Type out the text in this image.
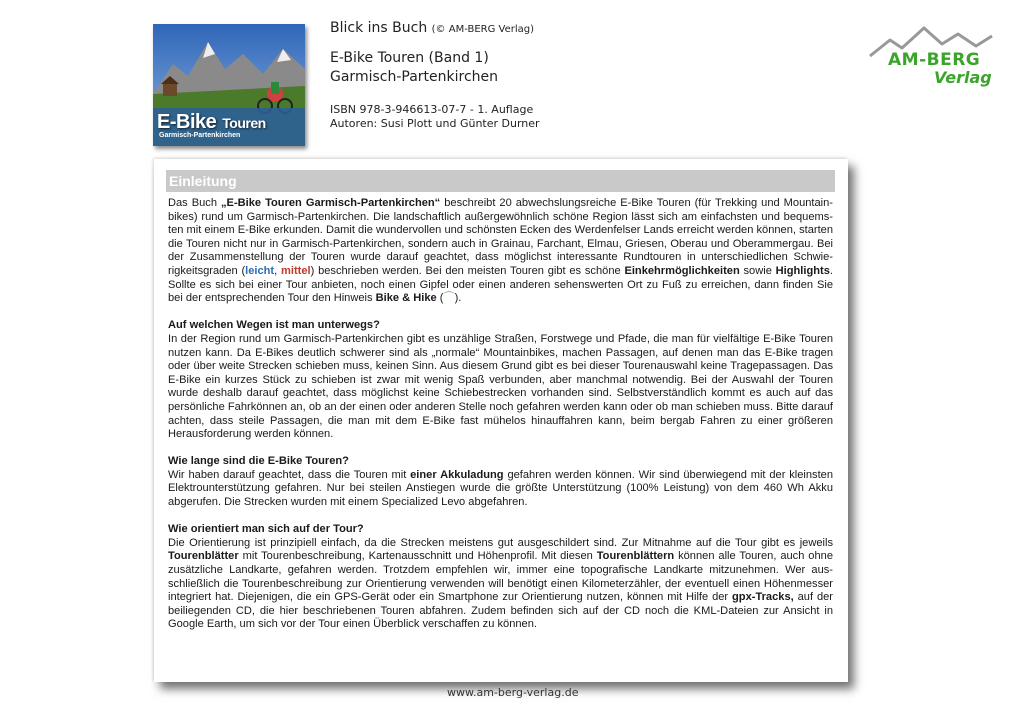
E-Bike Touren
Garmisch-Partenkirchen
Blick ins Buch (© AM-BERG Verlag)
E-Bike Touren (Band 1)
Garmisch-Partenkirchen
ISBN 978-3-946613-07-7 - 1. Auflage
Autoren: Susi Plott und Günter Durner
AM-BERG
Verlag
Einleitung

Das Buch „E-Bike Touren Garmisch-Partenkirchen“ beschreibt 20 abwechslungsreiche E-Bike Touren (für Trekking und Mountain-bikes) rund um Garmisch-Partenkirchen. Die landschaftlich außergewöhnlich schöne Region lässt sich am einfachsten und bequems-ten mit einem E-Bike erkunden. Damit die wundervollen und schönsten Ecken des Werdenfelser Lands erreicht werden können, starten die Touren nicht nur in Garmisch-Partenkirchen, sondern auch in Grainau, Farchant, Elmau, Griesen, Oberau und Oberammergau. Bei der Zusammenstellung der Touren wurde darauf geachtet, dass möglichst interessante Rundtouren in unterschiedlichen Schwie-rigkeitsgraden (leicht, mittel) beschrieben werden. Bei den meisten Touren gibt es schöne Einkehrmöglichkeiten sowie Highlights. Sollte es sich bei einer Tour anbieten, noch einen Gipfel oder einen anderen sehenswerten Ort zu Fuß zu erreichen, dann finden Sie bei der entsprechenden Tour den Hinweis Bike & Hike (⌒).

Auf welchen Wegen ist man unterwegs?

In der Region rund um Garmisch-Partenkirchen gibt es unzählige Straßen, Forstwege und Pfade, die man für vielfältige E-Bike Touren nutzen kann. Da E-Bikes deutlich schwerer sind als „normale“ Mountainbikes, machen Passagen, auf denen man das E-Bike tragen oder über weite Strecken schieben muss, keinen Sinn. Aus diesem Grund gibt es bei dieser Tourenauswahl keine Tragepassagen. Das E-Bike ein kurzes Stück zu schieben ist zwar mit wenig Spaß verbunden, aber manchmal notwendig. Bei der Auswahl der Touren wurde deshalb darauf geachtet, dass möglichst keine Schiebestrecken vorhanden sind. Selbstverständlich kommt es auch auf das persönliche Fahrkönnen an, ob an der einen oder anderen Stelle noch gefahren werden kann oder ob man schieben muss. Bitte darauf achten, dass steile Passagen, die man mit dem E-Bike fast mühelos hinauffahren kann, beim bergab Fahren zu einer größeren Herausforderung werden können.

Wie lange sind die E-Bike Touren?

Wir haben darauf geachtet, dass die Touren mit einer Akkuladung gefahren werden können. Wir sind überwiegend mit der kleinsten Elektrounterstützung gefahren. Nur bei steilen Anstiegen wurde die größte Unterstützung (100% Leistung) von dem 460 Wh Akku abgerufen. Die Strecken wurden mit einem Specialized Levo abgefahren.

Wie orientiert man sich auf der Tour?

Die Orientierung ist prinzipiell einfach, da die Strecken meistens gut ausgeschildert sind. Zur Mitnahme auf die Tour gibt es jeweils Tourenblätter mit Tourenbeschreibung, Kartenausschnitt und Höhenprofil. Mit diesen Tourenblättern können alle Touren, auch ohne zusätzliche Landkarte, gefahren werden. Trotzdem empfehlen wir, immer eine topografische Landkarte mitzunehmen. Wer aus-schließlich die Tourenbeschreibung zur Orientierung verwenden will benötigt einen Kilometerzähler, der eventuell einen Höhenmesser integriert hat. Diejenigen, die ein GPS-Gerät oder ein Smartphone zur Orientierung nutzen, können mit Hilfe der gpx-Tracks, auf der beiliegenden CD, die hier beschriebenen Touren abfahren. Zudem befinden sich auf der CD noch die KML-Dateien zur Ansicht in Google Earth, um sich vor der Tour einen Überblick verschaffen zu können.

www.am-berg-verlag.de
